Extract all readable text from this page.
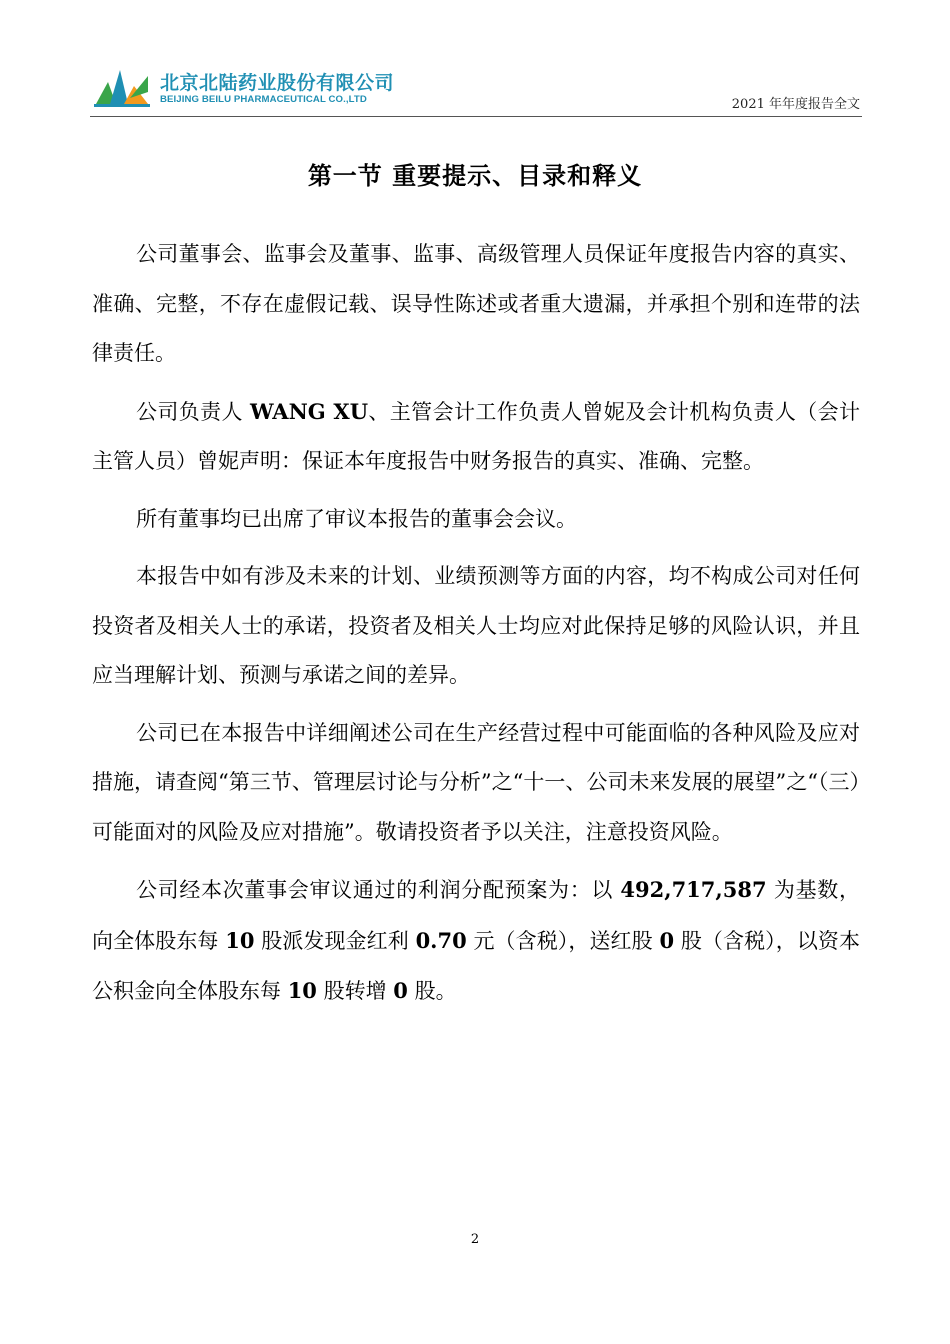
北京北陆药业股份有限公司
BEIJING BEILU PHARMACEUTICAL CO.,LTD	2021 年年度报告全文
第一节 重要提示、目录和释义

公司董事会、监事会及董事、监事、高级管理人员保证年度报告内容的真实、准确、完整，不存在虚假记载、误导性陈述或者重大遗漏，并承担个别和连带的法律责任。

公司负责人 WANG XU、主管会计工作负责人曾妮及会计机构负责人（会计主管人员）曾妮声明：保证本年度报告中财务报告的真实、准确、完整。

所有董事均已出席了审议本报告的董事会会议。

本报告中如有涉及未来的计划、业绩预测等方面的内容，均不构成公司对任何投资者及相关人士的承诺，投资者及相关人士均应对此保持足够的风险认识，并且应当理解计划、预测与承诺之间的差异。

公司已在本报告中详细阐述公司在生产经营过程中可能面临的各种风险及应对措施，请查阅“第三节、管理层讨论与分析”之“十一、公司未来发展的展望”之“（三）可能面对的风险及应对措施”。敬请投资者予以关注，注意投资风险。

公司经本次董事会审议通过的利润分配预案为：以 492,717,587 为基数，向全体股东每 10 股派发现金红利 0.70 元（含税），送红股 0 股（含税），以资本公积金向全体股东每 10 股转增 0 股。

2
